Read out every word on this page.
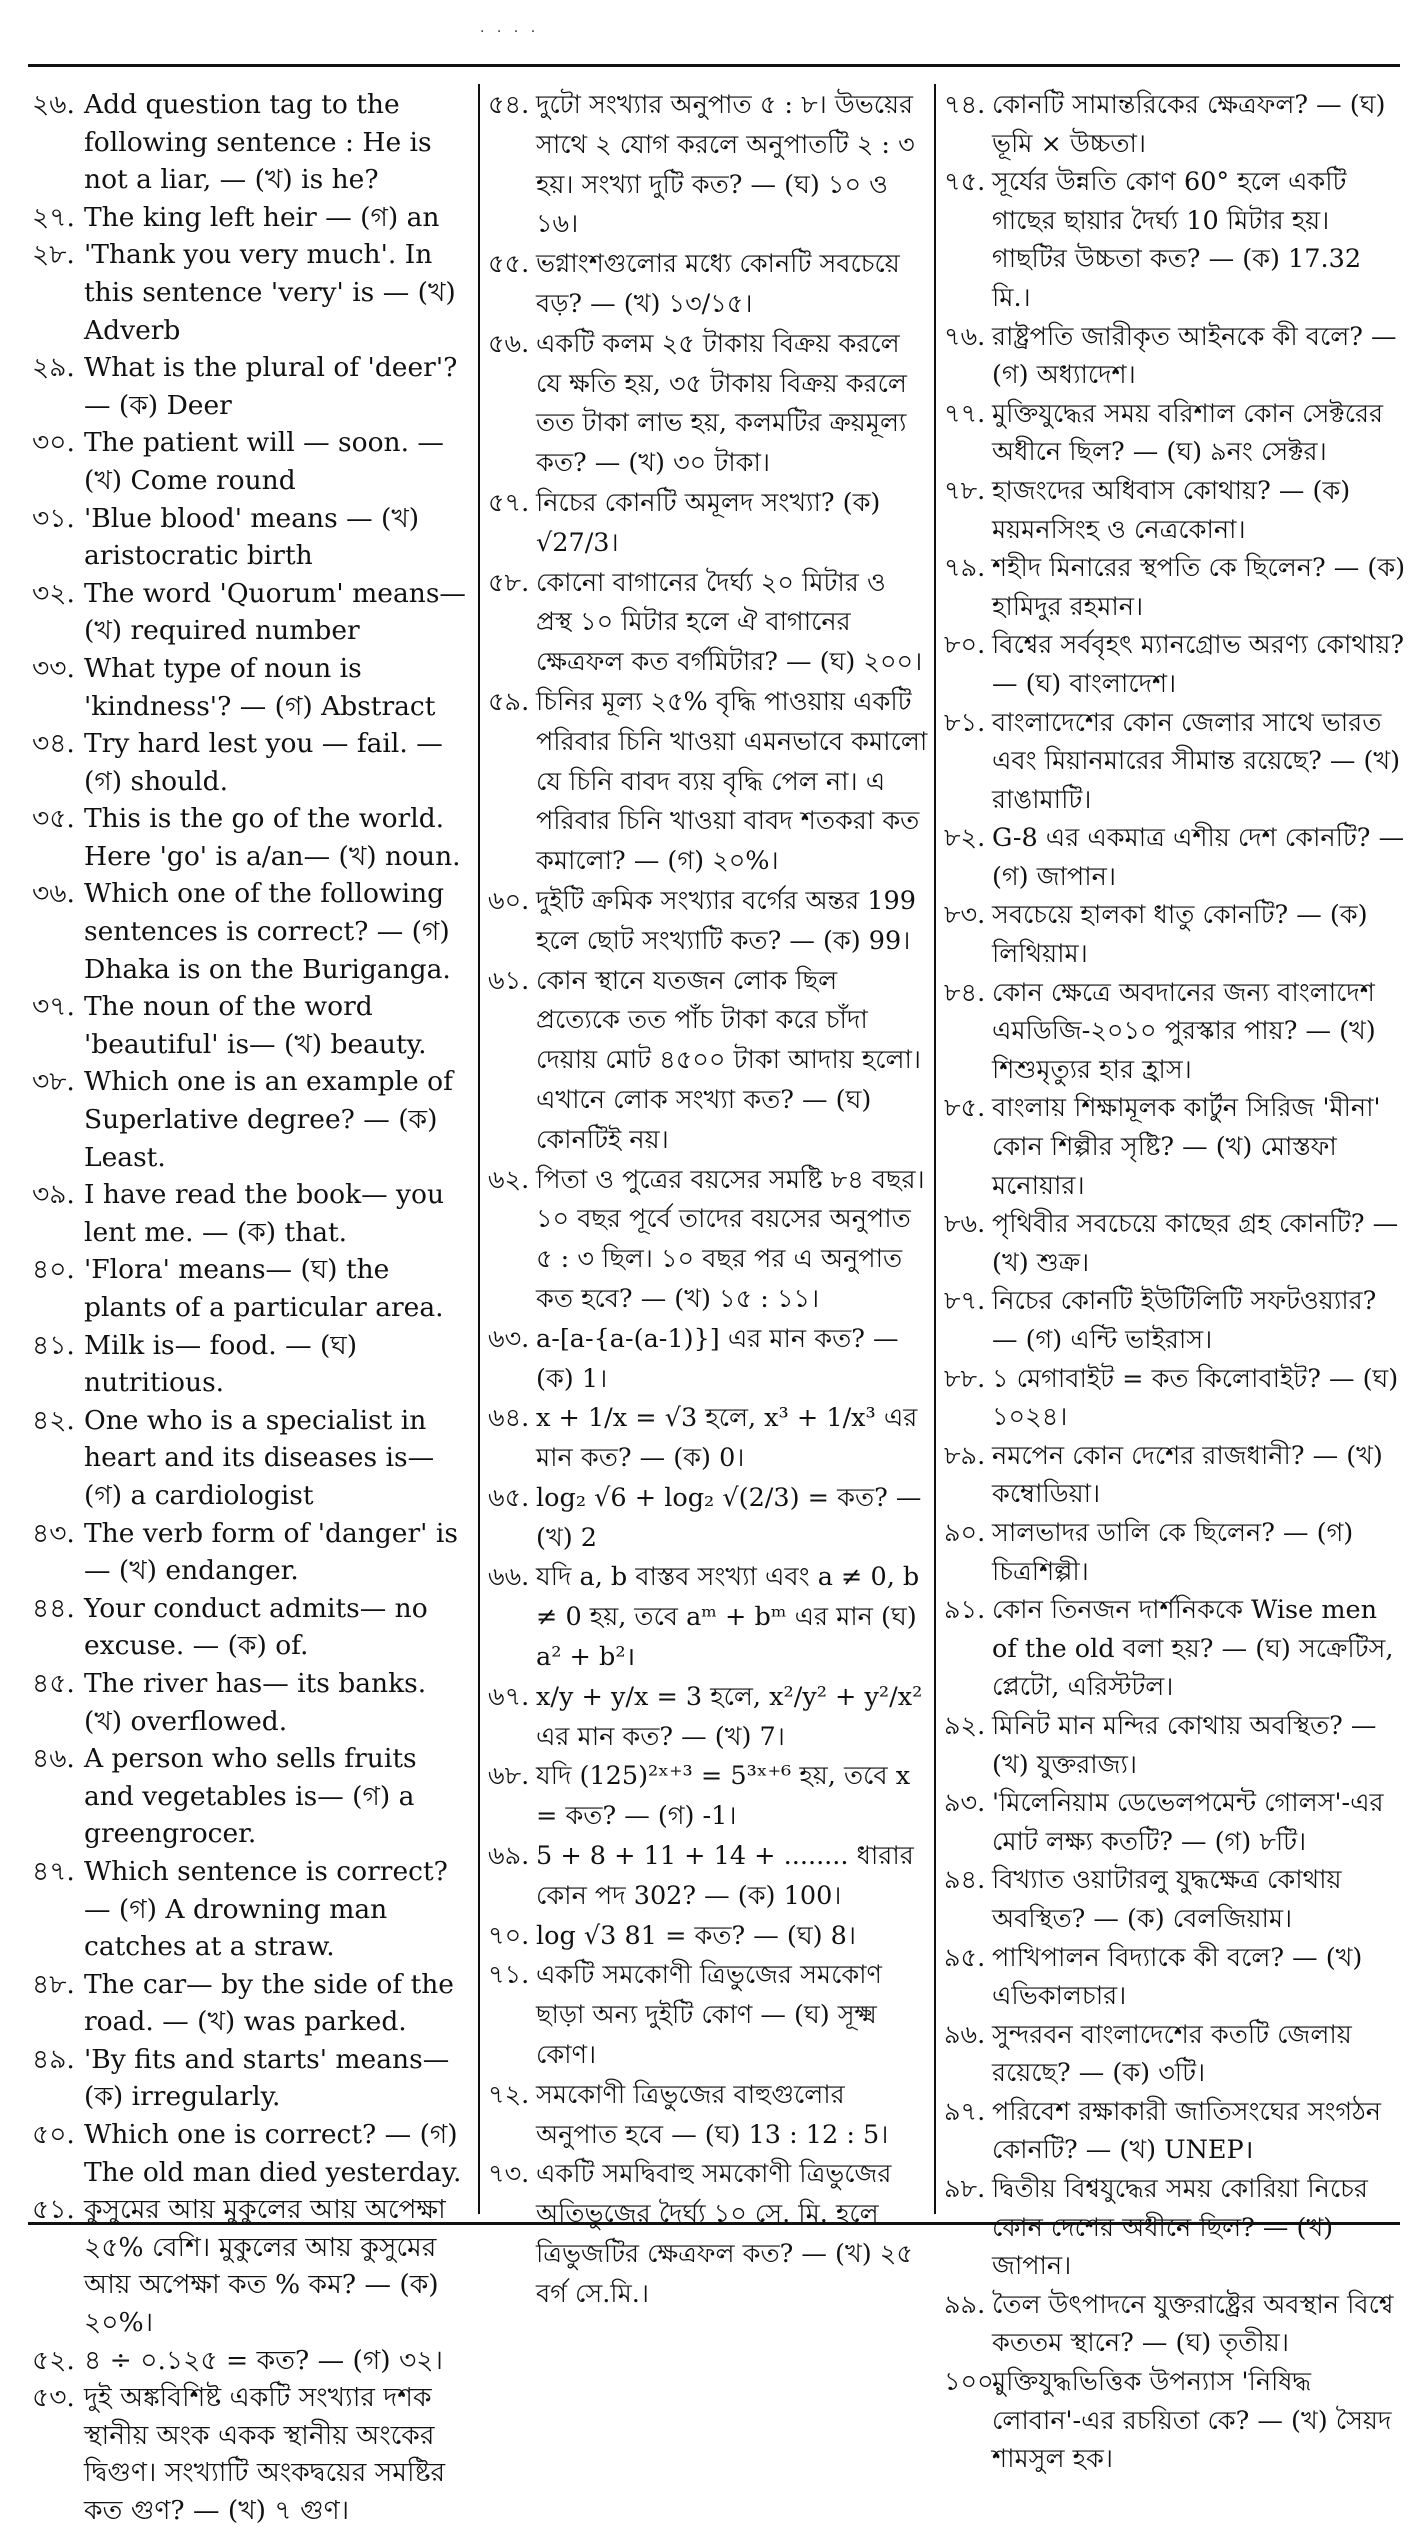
. . . .
২৬. Add question tag to the following sentence : He is not a liar, — (খ) is he?
২৭. The king left heir — (গ) an
২৮. 'Thank you very much'. In this sentence 'very' is — (খ) Adverb
২৯. What is the plural of 'deer'? — (ক) Deer
৩০. The patient will — soon. — (খ) Come round
৩১. 'Blue blood' means — (খ) aristocratic birth
৩২. The word 'Quorum' means— (খ) required number
৩৩. What type of noun is 'kindness'? — (গ) Abstract
৩৪. Try hard lest you — fail. — (গ) should.
৩৫. This is the go of the world. Here 'go' is a/an— (খ) noun.
৩৬. Which one of the following sentences is correct? — (গ) Dhaka is on the Buriganga.
৩৭. The noun of the word 'beautiful' is— (খ) beauty.
৩৮. Which one is an example of Superlative degree? — (ক) Least.
৩৯. I have read the book— you lent me. — (ক) that.
৪০. 'Flora' means— (ঘ) the plants of a particular area.
৪১. Milk is— food. — (ঘ) nutritious.
৪২. One who is a specialist in heart and its diseases is— (গ) a cardiologist
৪৩. The verb form of 'danger' is— (খ) endanger.
৪৪. Your conduct admits— no excuse. — (ক) of.
৪৫. The river has— its banks. (খ) overflowed.
৪৬. A person who sells fruits and vegetables is— (গ) a greengrocer.
৪৭. Which sentence is correct? — (গ) A drowning man catches at a straw.
৪৮. The car— by the side of the road. — (খ) was parked.
৪৯. 'By fits and starts' means— (ক) irregularly.
৫০. Which one is correct? — (গ) The old man died yesterday.
৫১. কুসুমের আয় মুকুলের আয় অপেক্ষা ২৫% বেশি। মুকুলের আয় কুসুমের আয় অপেক্ষা কত % কম? — (ক) ২০%।
৫২. ৪ ÷ ০.১২৫ = কত? — (গ) ৩২।
৫৩. দুই অঙ্কবিশিষ্ট একটি সংখ্যার দশক স্থানীয় অংক একক স্থানীয় অংকের দ্বিগুণ। সংখ্যাটি অংকদ্বয়ের সমষ্টির কত গুণ? — (খ) ৭ গুণ।
৫৪. দুটো সংখ্যার অনুপাত ৫ : ৮। উভয়ের সাথে ২ যোগ করলে অনুপাতটি ২ : ৩ হয়। সংখ্যা দুটি কত? — (ঘ) ১০ ও ১৬।
৫৫. ভগ্নাংশগুলোর মধ্যে কোনটি সবচেয়ে বড়? — (খ) ১৩/১৫।
৫৬. একটি কলম ২৫ টাকায় বিক্রয় করলে যে ক্ষতি হয়, ৩৫ টাকায় বিক্রয় করলে তত টাকা লাভ হয়, কলমটির ক্রয়মূল্য কত? — (খ) ৩০ টাকা।
৫৭. নিচের কোনটি অমূলদ সংখ্যা? (ক) √27/3।
৫৮. কোনো বাগানের দৈর্ঘ্য ২০ মিটার ও প্রস্থ ১০ মিটার হলে ঐ বাগানের ক্ষেত্রফল কত বর্গমিটার? — (ঘ) ২০০।
৫৯. চিনির মূল্য ২৫% বৃদ্ধি পাওয়ায় একটি পরিবার চিনি খাওয়া এমনভাবে কমালো যে চিনি বাবদ ব্যয় বৃদ্ধি পেল না। এ পরিবার চিনি খাওয়া বাবদ শতকরা কত কমালো? — (গ) ২০%।
৬০. দুইটি ক্রমিক সংখ্যার বর্গের অন্তর 199 হলে ছোট সংখ্যাটি কত? — (ক) 99।
৬১. কোন স্থানে যতজন লোক ছিল প্রত্যেকে তত পাঁচ টাকা করে চাঁদা দেয়ায় মোট ৪৫০০ টাকা আদায় হলো। এখানে লোক সংখ্যা কত? — (ঘ) কোনটিই নয়।
৬২. পিতা ও পুত্রের বয়সের সমষ্টি ৮৪ বছর। ১০ বছর পূর্বে তাদের বয়সের অনুপাত ৫ : ৩ ছিল। ১০ বছর পর এ অনুপাত কত হবে? — (খ) ১৫ : ১১।
৬৩. a-[a-{a-(a-1)}] এর মান কত? — (ক) 1।
৬৪. x + 1/x = √3 হলে, x³ + 1/x³ এর মান কত? — (ক) 0।
৬৫. log₂ √6 + log₂ √(2/3) = কত? — (খ) 2
৬৬. যদি a, b বাস্তব সংখ্যা এবং a ≠ 0, b ≠ 0 হয়, তবে aᵐ + bᵐ এর মান (ঘ) a² + b²।
৬৭. x/y + y/x = 3 হলে, x²/y² + y²/x² এর মান কত? — (খ) 7।
৬৮. যদি (125)²ˣ⁺³ = 5³ˣ⁺⁶ হয়, তবে x = কত? — (গ) -1।
৬৯. 5 + 8 + 11 + 14 + ........ ধারার কোন পদ 302? — (ক) 100।
৭০. log √3 81 = কত? — (ঘ) 8।
৭১. একটি সমকোণী ত্রিভুজের সমকোণ ছাড়া অন্য দুইটি কোণ — (ঘ) সূক্ষ্ম কোণ।
৭২. সমকোণী ত্রিভুজের বাহুগুলোর অনুপাত হবে — (ঘ) 13 : 12 : 5।
৭৩. একটি সমদ্বিবাহু সমকোণী ত্রিভুজের অতিভুজের দৈর্ঘ্য ১০ সে. মি. হলে ত্রিভুজটির ক্ষেত্রফল কত? — (খ) ২৫ বর্গ সে.মি.।
৭৪. কোনটি সামান্তরিকের ক্ষেত্রফল? — (ঘ) ভূমি × উচ্চতা।
৭৫. সূর্যের উন্নতি কোণ 60° হলে একটি গাছের ছায়ার দৈর্ঘ্য 10 মিটার হয়। গাছটির উচ্চতা কত? — (ক) 17.32 মি.।
৭৬. রাষ্ট্রপতি জারীকৃত আইনকে কী বলে? — (গ) অধ্যাদেশ।
৭৭. মুক্তিযুদ্ধের সময় বরিশাল কোন সেক্টরের অধীনে ছিল? — (ঘ) ৯নং সেক্টর।
৭৮. হাজংদের অধিবাস কোথায়? — (ক) ময়মনসিংহ ও নেত্রকোনা।
৭৯. শহীদ মিনারের স্থপতি কে ছিলেন? — (ক) হামিদুর রহমান।
৮০. বিশ্বের সর্ববৃহৎ ম্যানগ্রোভ অরণ্য কোথায়? — (ঘ) বাংলাদেশ।
৮১. বাংলাদেশের কোন জেলার সাথে ভারত এবং মিয়ানমারের সীমান্ত রয়েছে? — (খ) রাঙামাটি।
৮২. G-8 এর একমাত্র এশীয় দেশ কোনটি? — (গ) জাপান।
৮৩. সবচেয়ে হালকা ধাতু কোনটি? — (ক) লিথিয়াম।
৮৪. কোন ক্ষেত্রে অবদানের জন্য বাংলাদেশ এমডিজি-২০১০ পুরস্কার পায়? — (খ) শিশুমৃত্যুর হার হ্রাস।
৮৫. বাংলায় শিক্ষামূলক কার্টুন সিরিজ 'মীনা' কোন শিল্পীর সৃষ্টি? — (খ) মোস্তফা মনোয়ার।
৮৬. পৃথিবীর সবচেয়ে কাছের গ্রহ কোনটি? — (খ) শুক্র।
৮৭. নিচের কোনটি ইউটিলিটি সফটওয়্যার? — (গ) এন্টি ভাইরাস।
৮৮. ১ মেগাবাইট = কত কিলোবাইট? — (ঘ) ১০২৪।
৮৯. নমপেন কোন দেশের রাজধানী? — (খ) কম্বোডিয়া।
৯০. সালভাদর ডালি কে ছিলেন? — (গ) চিত্রশিল্পী।
৯১. কোন তিনজন দার্শনিককে Wise men of the old বলা হয়? — (ঘ) সক্রেটিস, প্লেটো, এরিস্টটল।
৯২. মিনিট মান মন্দির কোথায় অবস্থিত? — (খ) যুক্তরাজ্য।
৯৩. 'মিলেনিয়াম ডেভেলপমেন্ট গোলস'-এর মোট লক্ষ্য কতটি? — (গ) ৮টি।
৯৪. বিখ্যাত ওয়াটারলু যুদ্ধক্ষেত্র কোথায় অবস্থিত? — (ক) বেলজিয়াম।
৯৫. পাখিপালন বিদ্যাকে কী বলে? — (খ) এভিকালচার।
৯৬. সুন্দরবন বাংলাদেশের কতটি জেলায় রয়েছে? — (ক) ৩টি।
৯৭. পরিবেশ রক্ষাকারী জাতিসংঘের সংগঠন কোনটি? — (খ) UNEP।
৯৮. দ্বিতীয় বিশ্বযুদ্ধের সময় কোরিয়া নিচের কোন দেশের অধীনে ছিল? — (খ) জাপান।
৯৯. তৈল উৎপাদনে যুক্তরাষ্ট্রের অবস্থান বিশ্বে কততম স্থানে? — (ঘ) তৃতীয়।
১০০.
মুক্তিযুদ্ধভিত্তিক উপন্যাস 'নিষিদ্ধ লোবান'-এর রচয়িতা কে? — (খ) সৈয়দ শামসুল হক।
